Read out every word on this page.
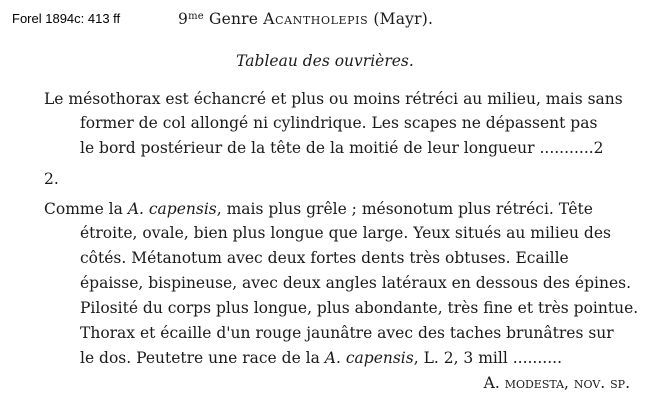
Forel 1894c: 413 ff	$9^{me}$ Genre Acantholepis (Mayr).
Tableau des ouvrières.
Le mésothorax est échancré et plus ou moins rétréci au milieu, mais sans
former de col allongé ni cylindrique. Les scapes ne dépassent pas
le bord postérieur de la tête de la moitié de leur longueur ...........2
2.
Comme la A. capensis, mais plus grêle ; mésonotum plus rétréci. Tête
étroite, ovale, bien plus longue que large. Yeux situés au milieu des
côtés. Métanotum avec deux fortes dents très obtuses. Ecaille
épaisse, bispineuse, avec deux angles latéraux en dessous des épines.
Pilosité du corps plus longue, plus abondante, très fine et très pointue.
Thorax et écaille d'un rouge jaunâtre avec des taches brunâtres sur
le dos. Peutetre une race de la A. capensis, L. 2, 3 mill ..........
A. modesta, nov. sp.
